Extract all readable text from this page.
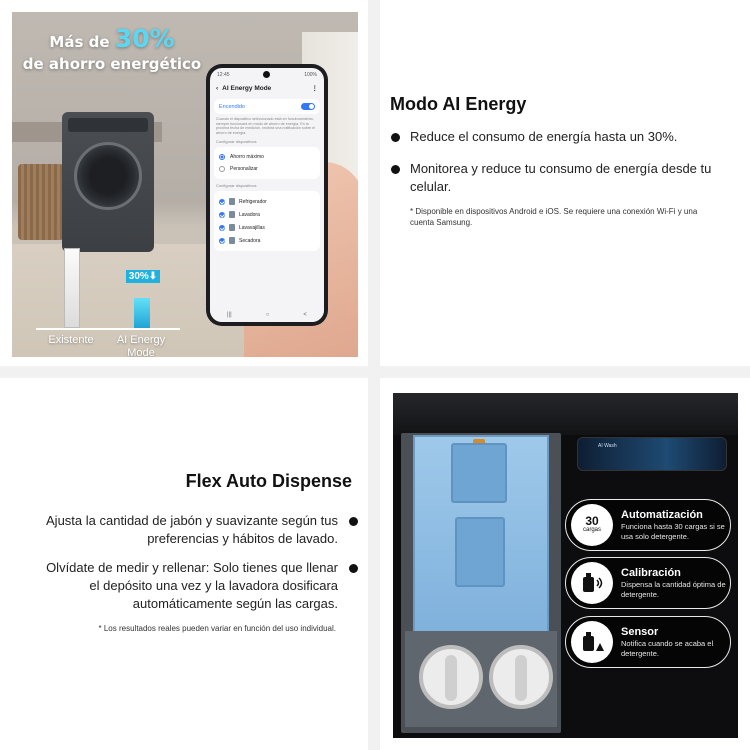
Más de 30%
de ahorro energético
30%⬇
Existente	AI Energy Mode
12:45	100%
‹ AI Energy Mode	⋮
Encendido
Cuando el dispositivo seleccionado está en funcionamiento, siempre funcionará en modo de ahorro de energía. En la próxima fecha de medición, recibirá una notificación sobre el ahorro de energía.
Configurar dispositivos
Ahorro máximo
Personalizar
Configurar dispositivos
Refrigerador
Lavadora
Lavavajillas
Secadora
|||	○	<
Modo AI Energy
Reduce el consumo de energía hasta un 30%.
Monitorea y reduce tu consumo de energía desde tu celular.
* Disponible en dispositivos Android e iOS. Se requiere una conexión Wi-Fi y una cuenta Samsung.
Flex Auto Dispense
Ajusta la cantidad de jabón y suavizante según tus preferencias y hábitos de lavado.
Olvídate de medir y rellenar: Solo tienes que llenar el depósito una vez y la lavadora dosificara automáticamente según las cargas.
* Los resultados reales pueden variar en función del uso individual.
AI Wash
30
cargas
Automatización
Funciona hasta 30 cargas si se usa solo detergente.
Calibración
Dispensa la cantidad óptima de detergente.
Sensor
Notifica cuando se acaba el detergente.
